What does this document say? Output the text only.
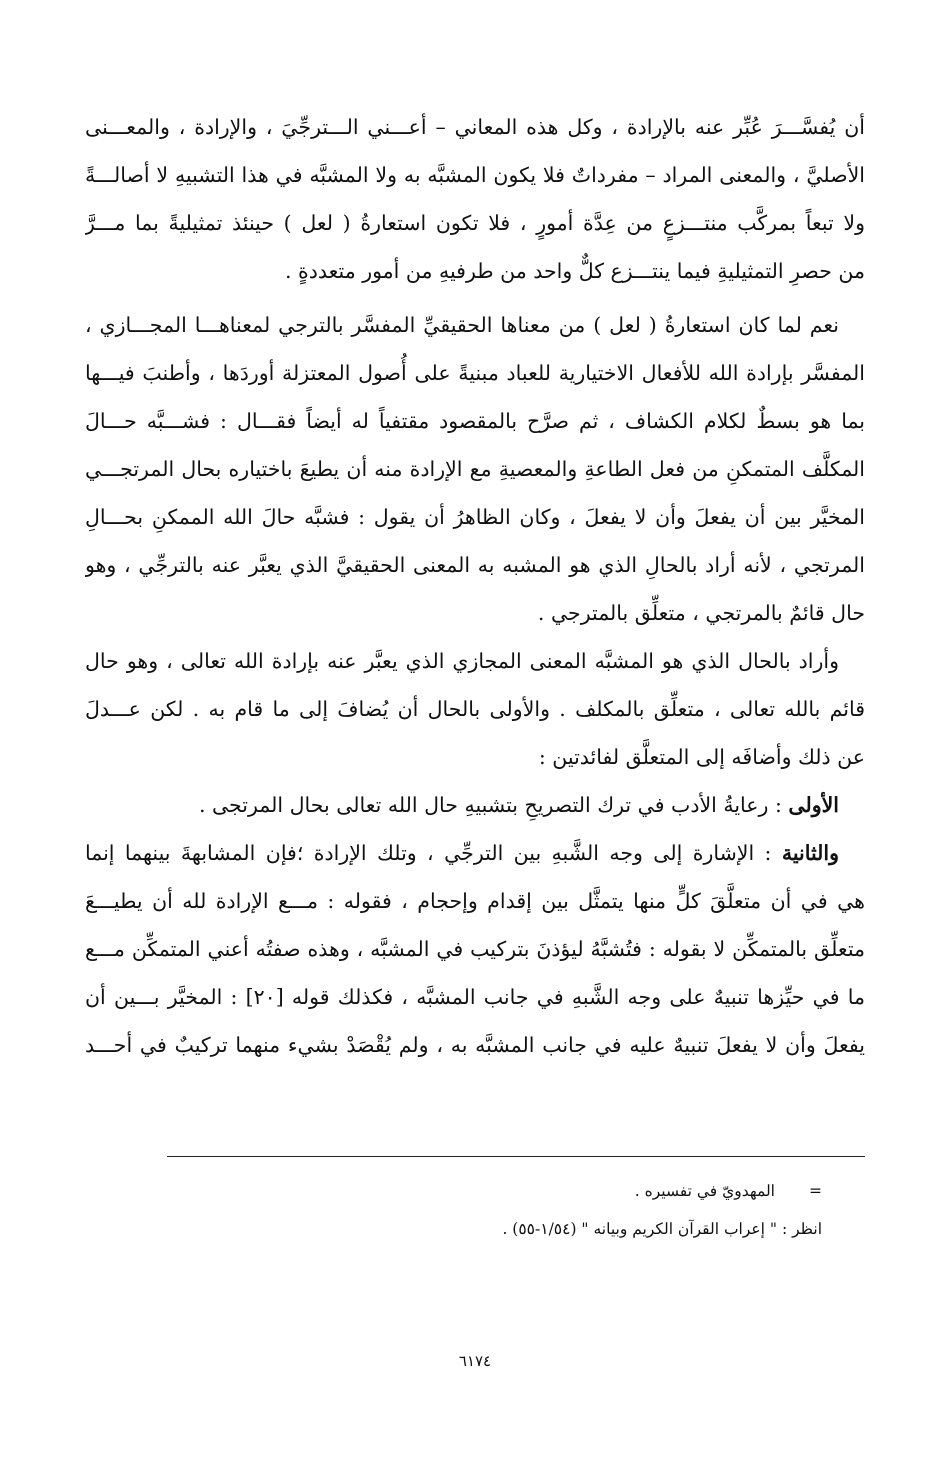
أن يُفسَّـــرَ عُبِّر عنه بالإرادة ، وكل هذه المعاني – أعـــني الـــترجِّيَ ، والإرادة ، والمعـــنى
الأصليَّ ، والمعنى المراد – مفرداتٌ فلا يكون المشبَّه به ولا المشبَّه في هذا التشبيهِ لا أصالـــةً
ولا تبعاً بمركَّب منتـــزعٍ من عِدَّة أمورٍ ، فلا تكون استعارةُ ( لعل ) حينئذ تمثيليةً بما مـــرَّ
من حصرِ التمثيليةِ فيما ينتـــزع كلٌّ واحد من طرفيهِ من أمور متعددةٍ .
نعم لما كان استعارةُ ( لعل ) من معناها الحقيقيِّ المفسَّر بالترجي لمعناهـــا المجـــازي ،
المفسَّر بإرادة الله للأفعال الاختيارية للعباد مبنيةً على أُصول المعتزلة أوردَها ، وأطنبَ فيـــها
بما هو بسطٌ لكلام الكشاف ، ثم صرَّح بالمقصود مقتفياً له أيضاً فقـــال : فشـــبَّه حـــالَ
المكلَّف المتمكنِ من فعل الطاعةِ والمعصيةِ مع الإرادة منه أن يطيعَ باختياره بحال المرتجـــي
المخيَّر بين أن يفعلَ وأن لا يفعلَ ، وكان الظاهرُ أن يقول : فشبَّه حالَ الله الممكنِ بحـــالِ
المرتجي ، لأنه أراد بالحالِ الذي هو المشبه به المعنى الحقيقيَّ الذي يعبَّر عنه بالترجِّي ، وهو
حال قائمٌ بالمرتجي ، متعلِّق بالمترجي .
وأراد بالحال الذي هو المشبَّه المعنى المجازي الذي يعبَّر عنه بإرادة الله تعالى ، وهو حال
قائم بالله تعالى ، متعلِّق بالمكلف . والأولى بالحال أن يُضافَ إلى ما قام به . لكن عـــدلَ
عن ذلك وأضافَه إلى المتعلَّق لفائدتين :
الأولى : رعايةُ الأدب في ترك التصريحِ بتشبيهِ حال الله تعالى بحال المرتجى .
والثانية : الإشارة إلى وجه الشَّبهِ بين الترجِّي ، وتلك الإرادة ؛فإن المشابهةَ بينهما إنما
هي في أن متعلَّقَ كلٍّ منها يتمثَّل بين إقدام وإحجام ، فقوله : مـــع الإرادة لله أن يطيـــعَ
متعلِّق بالمتمكِّن لا بقوله : فتُشبَّهُ ليؤذنَ بتركيب في المشبَّه ، وهذه صفتُه أعني المتمكِّن مـــع
ما في حيِّزها تنبيهٌ على وجه الشَّبهِ في جانب المشبَّه ، فكذلك قوله [٢٠] : المخيَّر بـــين أن
يفعلَ وأن لا يفعلَ تنبيهٌ عليه في جانب المشبَّه به ، ولم يُقْصَدْ بشيء منهما تركيبٌ في أحـــد
=المهدويّ في تفسيره .
انظر : " إعراب القرآن الكريم وبيانه " (١/٥٤-٥٥) .
٦١٧٤
